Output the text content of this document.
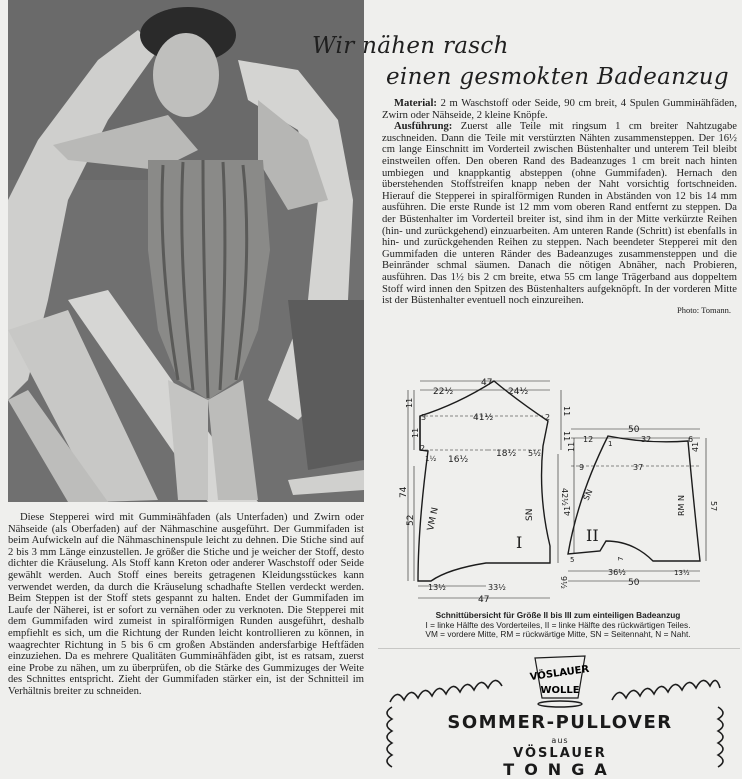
Wir nähen rasch
einen gesmokten Badeanzug

Material: 2 m Waschstoff oder Seide, 90 cm breit, 4 Spulen Gummінähfäden, Zwirn oder Nähseide, 2 kleine Knöpfe.

Ausführung: Zuerst alle Teile mit ringsum 1 cm breiter Nahtzugabe zuschneiden. Dann die Teile mit verstürzten Nähten zusammensteppen. Der 16½ cm lange Einschnitt im Vorderteil zwischen Büstenhalter und unterem Teil bleibt einstweilen offen. Den oberen Rand des Badeanzuges 1 cm breit nach hinten umbiegen und knappkantig absteppen (ohne Gummifaden). Hernach den überstehenden Stoffstreifen knapp neben der Naht vorsichtig fortschneiden. Hierauf die Stepperei in spiralförmigen Runden in Abständen von 12 bis 14 mm ausführen. Die erste Runde ist 12 mm vom oberen Rand entfernt zu steppen. Da der Büstenhalter im Vorderteil breiter ist, sind ihm in der Mitte verkürzte Reihen (hin- und zurückgehend) einzuarbeiten. Am unteren Rande (Schritt) ist ebenfalls in hin- und zurückgehenden Reihen zu steppen. Nach beendeter Stepperei mit den Gummifaden die unteren Ränder des Badeanzuges zusammensteppen und die Beinränder schmal säumen. Danach die nötigen Abnäher, nach Probieren, ausführen. Das 1½ bis 2 cm breite, etwa 55 cm lange Trägerband aus doppeltem Stoff wird innen den Spitzen des Büstenhalters aufgeknöpft. In der vorderen Mitte ist der Büstenhalter eventuell noch einzureihen.

Photo: Tomann.

Diese Stepperei wird mit Gummінähfaden (als Unterfaden) und Zwirn oder Nähseide (als Oberfaden) auf der Nähmaschine ausgeführt. Der Gummifaden ist beim Aufwickeln auf die Nähmaschinenspule leicht zu dehnen. Die Stiche sind auf 2 bis 3 mm Länge einzustellen. Je größer die Stiche und je weicher der Stoff, desto dichter die Kräuselung. Als Stoff kann Kreton oder anderer Waschstoff oder Seide gewählt werden. Auch Stoff eines bereits getragenen Kleidungsstückes kann verwendet werden, da durch die Kräuselung schadhafte Stellen verdeckt werden. Beim Steppen ist der Stoff stets gespannt zu halten. Endet der Gummifaden im Laufe der Näherei, ist er sofort zu vernähen oder zu verknoten. Die Stepperei mit dem Gummifaden wird zumeist in spiralförmigen Runden ausgeführt, deshalb empfiehlt es sich, um die Richtung der Runden leicht kontrollieren zu können, in waagrechter Richtung in 5 bis 6 cm großen Abständen andersfarbige Heftfäden einzuziehen. Da es mehrere Qualitäten Gummінähfäden gibt, ist es ratsam, zuerst eine Probe zu nähen, um zu überprüfen, ob die Stärke des Gummizuges der Weite des Schnittes entspricht. Zieht der Gummifaden stärker ein, ist der Schnitteil im Verhältnis breiter zu schneiden.

47
22½	24½
41½
3	2
2
1½ 16½
18½ 5½
11
11
11
11
74
52
42½
VM N	SN
I
9½
13½	33½
47
50
12	32	6
1
9	37
11	41
41	57
SN
RM N
II
5	7
36½	13½
50
Schnittübersicht für Größe II bis III zum einteiligen Badeanzug
I = linke Hälfte des Vorderteiles, II = linke Hälfte des rückwärtigen Teiles.
VM = vordere Mitte, RM = rückwärtige Mitte, SN = Seitennaht, N = Naht.
VÖSLAUER
WOLLE
SOMMER-PULLOVER
aus
VÖSLAUER
TONGA
